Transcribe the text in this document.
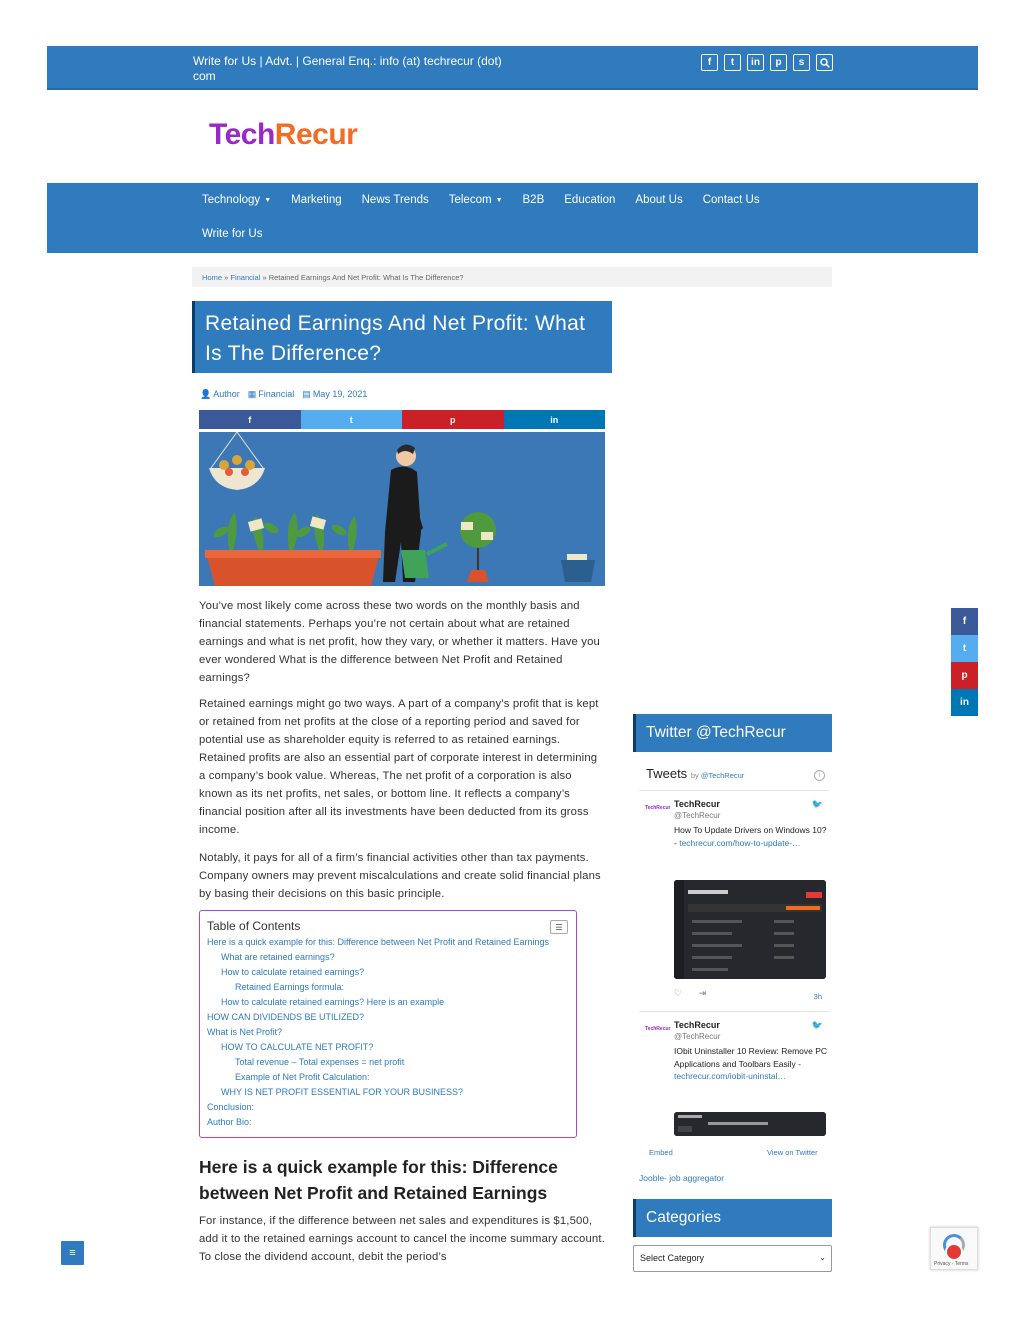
Write for Us | Advt. | General Enq.: info (at) techrecur (dot) com
f	t	in	p	s
TechRecur
Technology ▼ Marketing News Trends Telecom ▼ B2B Education About Us Contact Us
Write for Us
Home » Financial » Retained Earnings And Net Profit: What Is The Difference?
Retained Earnings And Net Profit: What Is The Difference?
👤 Author ▦ Financial ▤ May 19, 2021
f	t	p	in

You’ve most likely come across these two words on the monthly basis and financial statements. Perhaps you’re not certain about what are retained earnings and what is net profit, how they vary, or whether it matters. Have you ever wondered What is the difference between Net Profit and Retained earnings?

Retained earnings might go two ways. A part of a company’s profit that is kept or retained from net profits at the close of a reporting period and saved for potential use as shareholder equity is referred to as retained earnings. Retained profits are also an essential part of corporate interest in determining a company’s book value. Whereas, The net profit of a corporation is also known as its net profits, net sales, or bottom line. It reflects a company’s financial position after all its investments have been deducted from its gross income.

Notably, it pays for all of a firm’s financial activities other than tax payments. Company owners may prevent miscalculations and create solid financial plans by basing their decisions on this basic principle.

Table of Contents	☰
Here is a quick example for this: Difference between Net Profit and Retained Earnings
What are retained earnings?
How to calculate retained earnings?
Retained Earnings formula:
How to calculate retained earnings? Here is an example
HOW CAN DIVIDENDS BE UTILIZED?
What is Net Profit?
HOW TO CALCULATE NET PROFIT?
Total revenue – Total expenses = net profit
Example of Net Profit Calculation:
WHY IS NET PROFIT ESSENTIAL FOR YOUR BUSINESS?
Conclusion:
Author Bio:
Here is a quick example for this: Difference between Net Profit and Retained Earnings

For instance, if the difference between net sales and expenditures is $1,500, add it to the retained earnings account to cancel the income summary account. To close the dividend account, debit the period’s

Twitter @TechRecur
Tweets by @TechRecur	i
TechRecur TechRecur
@TechRecur
How To Update Drivers on Windows 10? - techrecur.com/how-to-update-…
🐦
♡ ⇥	3h
TechRecur TechRecur
@TechRecur
IObit Uninstaller 10 Review: Remove PC Applications and Toolbars Easily - techrecur.com/iobit-uninstal…
🐦
Embed	View on Twitter
Jooble- job aggregator
Categories
Select Category	⌄
f
t
p
in
≡
Privacy - Terms
